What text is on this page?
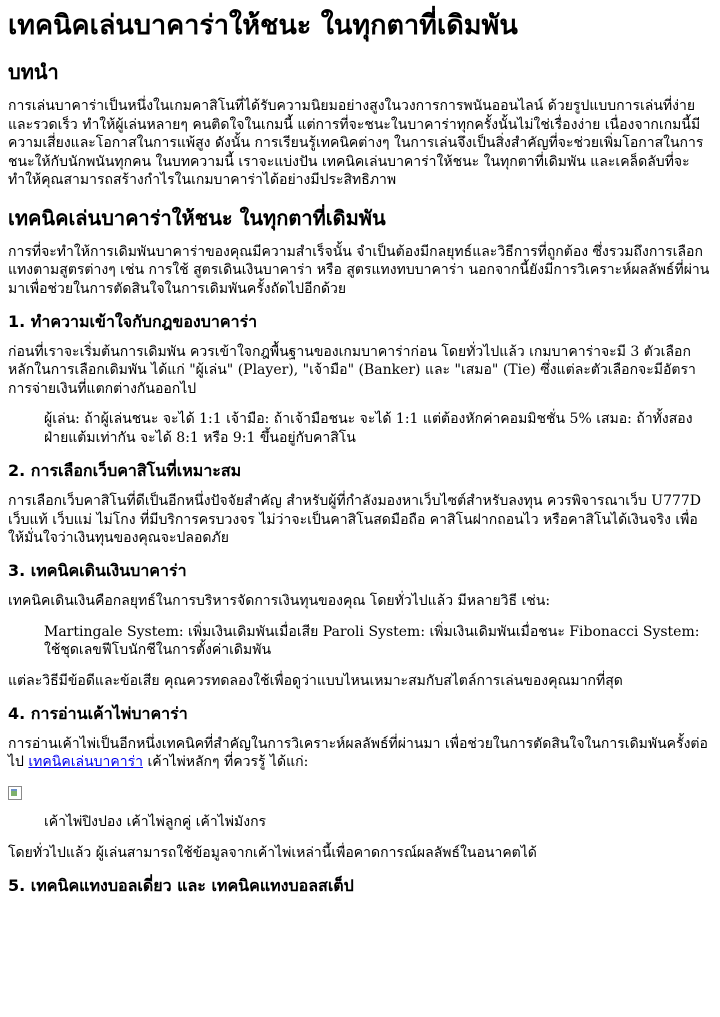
เทคนิคเล่นบาคาร่าให้ชนะ ในทุกตาที่เดิมพัน
บทนำ

การเล่นบาคาร่าเป็นหนึ่งในเกมคาสิโนที่ได้รับความนิยมอย่างสูงในวงการการพนันออนไลน์ ด้วยรูปแบบการเล่นที่ง่ายและรวดเร็ว ทำให้ผู้เล่นหลายๆ คนติดใจในเกมนี้ แต่การที่จะชนะในบาคาร่าทุกครั้งนั้นไม่ใช่เรื่องง่าย เนื่องจากเกมนี้มีความเสี่ยงและโอกาสในการแพ้สูง ดังนั้น การเรียนรู้เทคนิคต่างๆ ในการเล่นจึงเป็นสิ่งสำคัญที่จะช่วยเพิ่มโอกาสในการชนะให้กับนักพนันทุกคน ในบทความนี้ เราจะแบ่งปัน เทคนิคเล่นบาคาร่าให้ชนะ ในทุกตาที่เดิมพัน และเคล็ดลับที่จะทำให้คุณสามารถสร้างกำไรในเกมบาคาร่าได้อย่างมีประสิทธิภาพ

เทคนิคเล่นบาคาร่าให้ชนะ ในทุกตาที่เดิมพัน

การที่จะทำให้การเดิมพันบาคาร่าของคุณมีความสำเร็จนั้น จำเป็นต้องมีกลยุทธ์และวิธีการที่ถูกต้อง ซึ่งรวมถึงการเลือกแทงตามสูตรต่างๆ เช่น การใช้ สูตรเดินเงินบาคาร่า หรือ สูตรแทงทบบาคาร่า นอกจากนี้ยังมีการวิเคราะห์ผลลัพธ์ที่ผ่านมาเพื่อช่วยในการตัดสินใจในการเดิมพันครั้งถัดไปอีกด้วย

1. ทำความเข้าใจกับกฎของบาคาร่า

ก่อนที่เราจะเริ่มต้นการเดิมพัน ควรเข้าใจกฎพื้นฐานของเกมบาคาร่าก่อน โดยทั่วไปแล้ว เกมบาคาร่าจะมี 3 ตัวเลือกหลักในการเลือกเดิมพัน ได้แก่ "ผู้เล่น" (Player), "เจ้ามือ" (Banker) และ "เสมอ" (Tie) ซึ่งแต่ละตัวเลือกจะมีอัตราการจ่ายเงินที่แตกต่างกันออกไป

ผู้เล่น: ถ้าผู้เล่นชนะ จะได้ 1:1 เจ้ามือ: ถ้าเจ้ามือชนะ จะได้ 1:1 แต่ต้องหักค่าคอมมิชชั่น 5% เสมอ: ถ้าทั้งสองฝ่ายแต้มเท่ากัน จะได้ 8:1 หรือ 9:1 ขึ้นอยู่กับคาสิโน
2. การเลือกเว็บคาสิโนที่เหมาะสม

การเลือกเว็บคาสิโนที่ดีเป็นอีกหนึ่งปัจจัยสำคัญ สำหรับผู้ที่กำลังมองหาเว็บไซต์สำหรับลงทุน ควรพิจารณาเว็บ U777D เว็บแท้ เว็บแม่ ไม่โกง ที่มีบริการครบวงจร ไม่ว่าจะเป็นคาสิโนสดมือถือ คาสิโนฝากถอนไว หรือคาสิโนได้เงินจริง เพื่อให้มั่นใจว่าเงินทุนของคุณจะปลอดภัย

3. เทคนิคเดินเงินบาคาร่า

เทคนิคเดินเงินคือกลยุทธ์ในการบริหารจัดการเงินทุนของคุณ โดยทั่วไปแล้ว มีหลายวิธี เช่น:

Martingale System: เพิ่มเงินเดิมพันเมื่อเสีย Paroli System: เพิ่มเงินเดิมพันเมื่อชนะ Fibonacci System: ใช้ชุดเลขฟีโบนักชีในการตั้งค่าเดิมพัน

แต่ละวิธีมีข้อดีและข้อเสีย คุณควรทดลองใช้เพื่อดูว่าแบบไหนเหมาะสมกับสไตล์การเล่นของคุณมากที่สุด

4. การอ่านเค้าไพ่บาคาร่า

การอ่านเค้าไพ่เป็นอีกหนึ่งเทคนิคที่สำคัญในการวิเคราะห์ผลลัพธ์ที่ผ่านมา เพื่อช่วยในการตัดสินใจในการเดิมพันครั้งต่อไป เทคนิคเล่นบาคาร่า เค้าไพ่หลักๆ ที่ควรรู้ ได้แก่:

เค้าไพ่ปิงปอง เค้าไพ่ลูกคู่ เค้าไพ่มังกร

โดยทั่วไปแล้ว ผู้เล่นสามารถใช้ข้อมูลจากเค้าไพ่เหล่านี้เพื่อคาดการณ์ผลลัพธ์ในอนาคตได้

5. เทคนิคแทงบอลเดี่ยว และ เทคนิคแทงบอลสเต็ป
